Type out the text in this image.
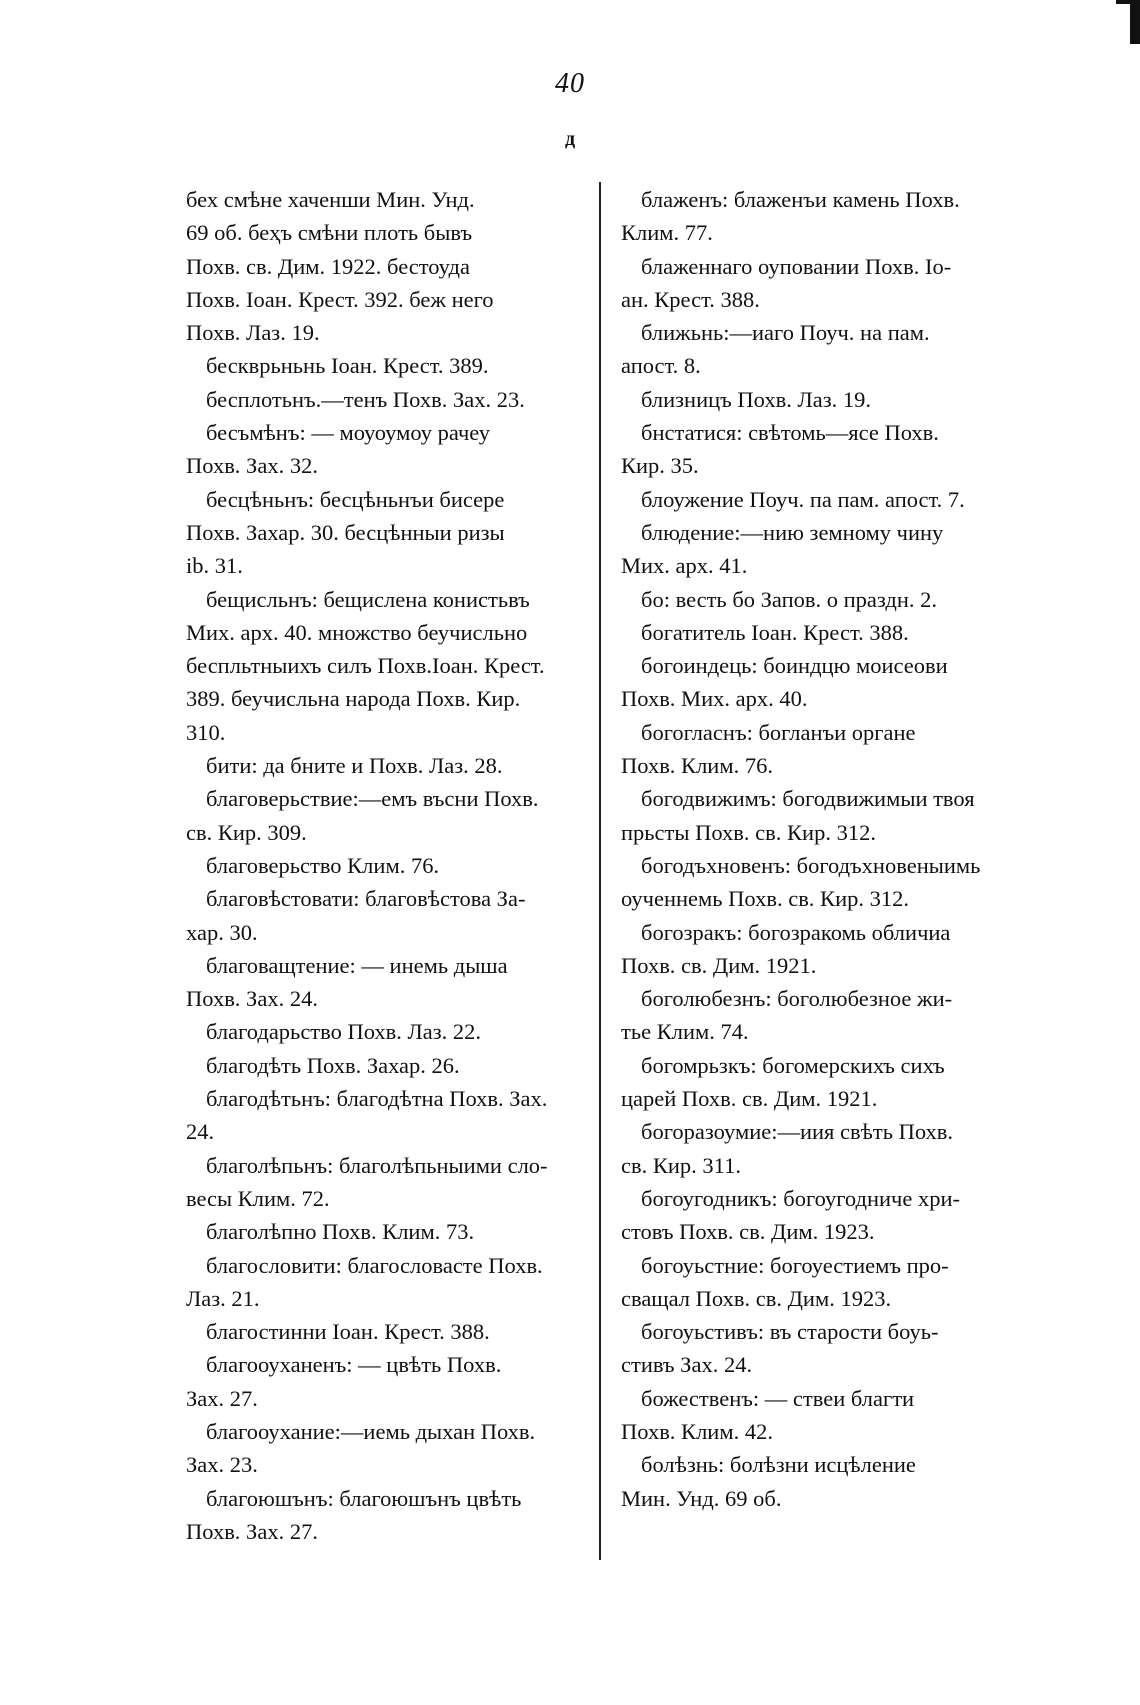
40
д
бех смѣне хаченши Мин. Унд.
69 об. беҳъ смѣни плоть бывъ
Похв. св. Дим. 1922. бестоуда
Похв. Іоан. Крест. 392. беж него
Похв. Лаз. 19.
бескврьньнь Іоан. Крест. 389.
бесплотьнъ.—тенъ Похв. Зах. 23.
бесъмѣнъ: — моуоумоу рачеу
Похв. Зах. 32.
бесцѣньнъ: бесцѣньнъи бисере
Похв. Захар. 30. бесцѣнныи ризы
ib. 31.
бещисльнъ: бещислена конистьвъ
Мих. арх. 40. множство беучисльно
беспльтныихъ силъ Похв.Іоан. Крест.
389. беучисльна народа Похв. Кир.
310.
бити: да бнитe и Похв. Лаз. 28.
благоверьствие:—емъ въсни Похв.
св. Кир. 309.
благоверьство Клим. 76.
благовѣстовати: благовѣстова За-
хар. 30.
благоващтение: — инемь дыша
Похв. Зах. 24.
благодарьство Похв. Лаз. 22.
благодѣть Похв. Захар. 26.
благодѣтьнъ: благодѣтна Похв. Зах.
24.
благолѣпьнъ: благолѣпьныими сло-
весы Клим. 72.
благолѣпно Похв. Клим. 73.
благословити: благословаcте Похв.
Лаз. 21.
благостинни Іоан. Крест. 388.
благооуханенъ: — цвѣть Похв.
Зах. 27.
благооухание:—иемь дыхан Похв.
Зах. 23.
благоюшънъ: благоюшънъ цвѣть
Похв. Зах. 27.
блаженъ: блаженъи камень Похв.
Клим. 77.
блаженнаго оуповании Похв. Іо-
ан. Крест. 388.
ближьнь:—иаго Поуч. на пам.
апост. 8.
близницъ Похв. Лаз. 19.
бнстатися: свѣтомь—ясе Похв.
Кир. 35.
блоужение Поуч. па пам. апост. 7.
блюдение:—нию земному чину
Мих. арх. 41.
бо: весть бо Запов. о праздн. 2.
богатитель Іоан. Крест. 388.
богоиндець: боиндцю моисеови
Похв. Мих. арх. 40.
богогласнъ: богланъи органе
Похв. Клим. 76.
богодвижимъ: богодвижимыи твоя
прьсты Похв. св. Кир. 312.
богодъхновенъ: богодъхновеныимь
оученнемь Похв. св. Кир. 312.
богозракъ: богозракомь обличиа
Похв. св. Дим. 1921.
боголюбезнъ: боголюбезное жи-
тье Клим. 74.
богомрьзкъ: богомерскихъ сихъ
царей Похв. св. Дим. 1921.
богоразоумие:—иия свѣть Похв.
св. Кир. 311.
богоугодникъ: богоугодниче хри-
стовъ Похв. св. Дим. 1923.
богоуьстние: богоуестиемъ про-
сващал Похв. св. Дим. 1923.
богоуьстивъ: въ старости боуь-
стивъ Зах. 24.
божественъ: — ствеи благти
Похв. Клим. 42.
болѣзнь: болѣзни исцѣление
Мин. Унд. 69 об.
